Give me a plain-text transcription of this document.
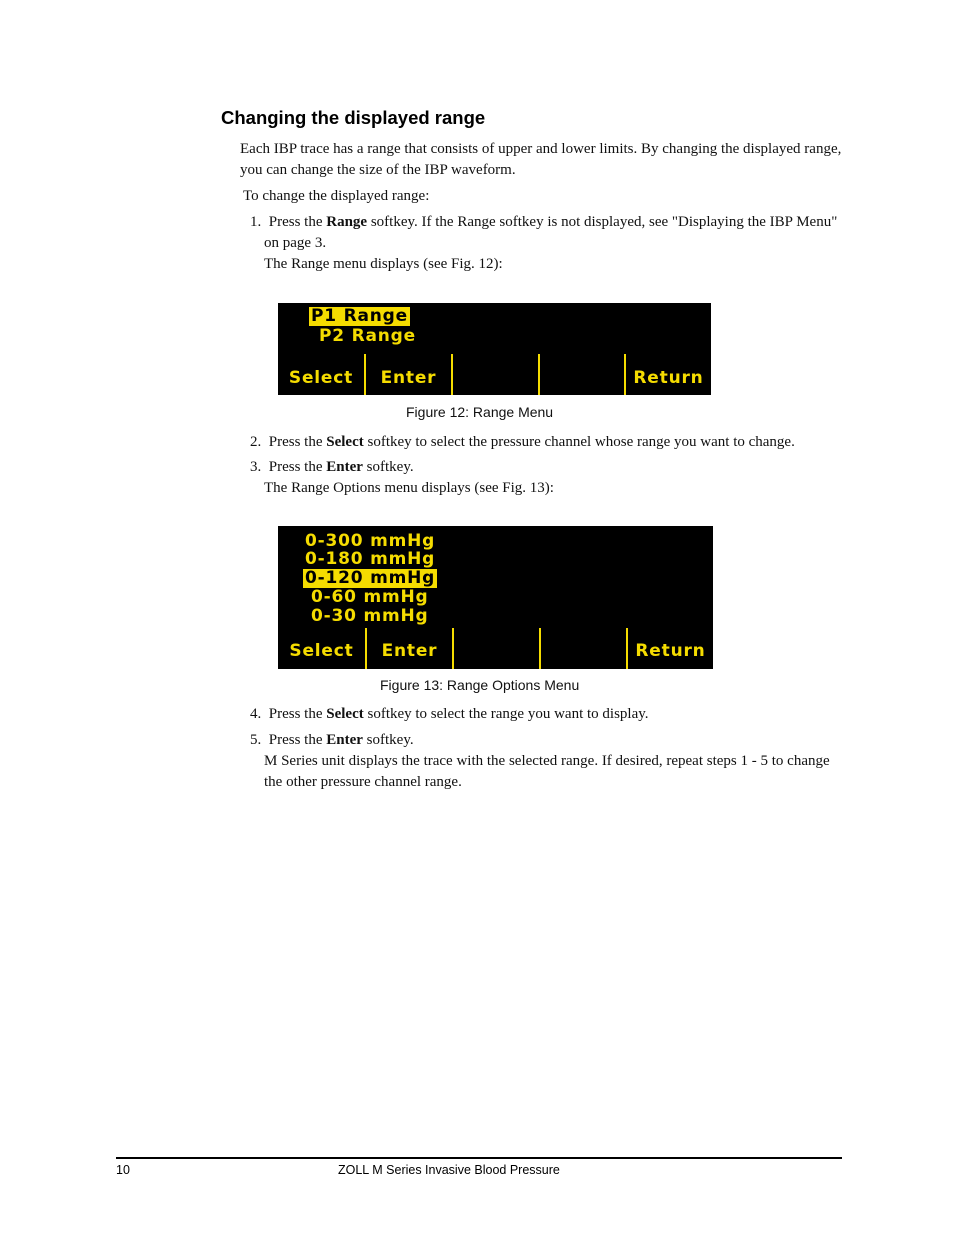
Changing the displayed range

Each IBP trace has a range that consists of upper and lower limits. By changing the displayed range,

you can change the size of the IBP waveform.

To change the displayed range:

1. Press the Range softkey. If the Range softkey is not displayed, see "Displaying the IBP Menu"

on page 3.

The Range menu displays (see Fig. 12):

P1 Range
P2 Range
Select	Enter	Return

Figure 12: Range Menu

2. Press the Select softkey to select the pressure channel whose range you want to change.

3. Press the Enter softkey.

The Range Options menu displays (see Fig. 13):

0-300 mmHg
0-180 mmHg
0-120 mmHg
0-60 mmHg
0-30 mmHg
Select	Enter	Return

Figure 13: Range Options Menu

4. Press the Select softkey to select the range you want to display.

5. Press the Enter softkey.

M Series unit displays the trace with the selected range. If desired, repeat steps 1 - 5 to change

the other pressure channel range.

10	ZOLL M Series Invasive Blood Pressure
